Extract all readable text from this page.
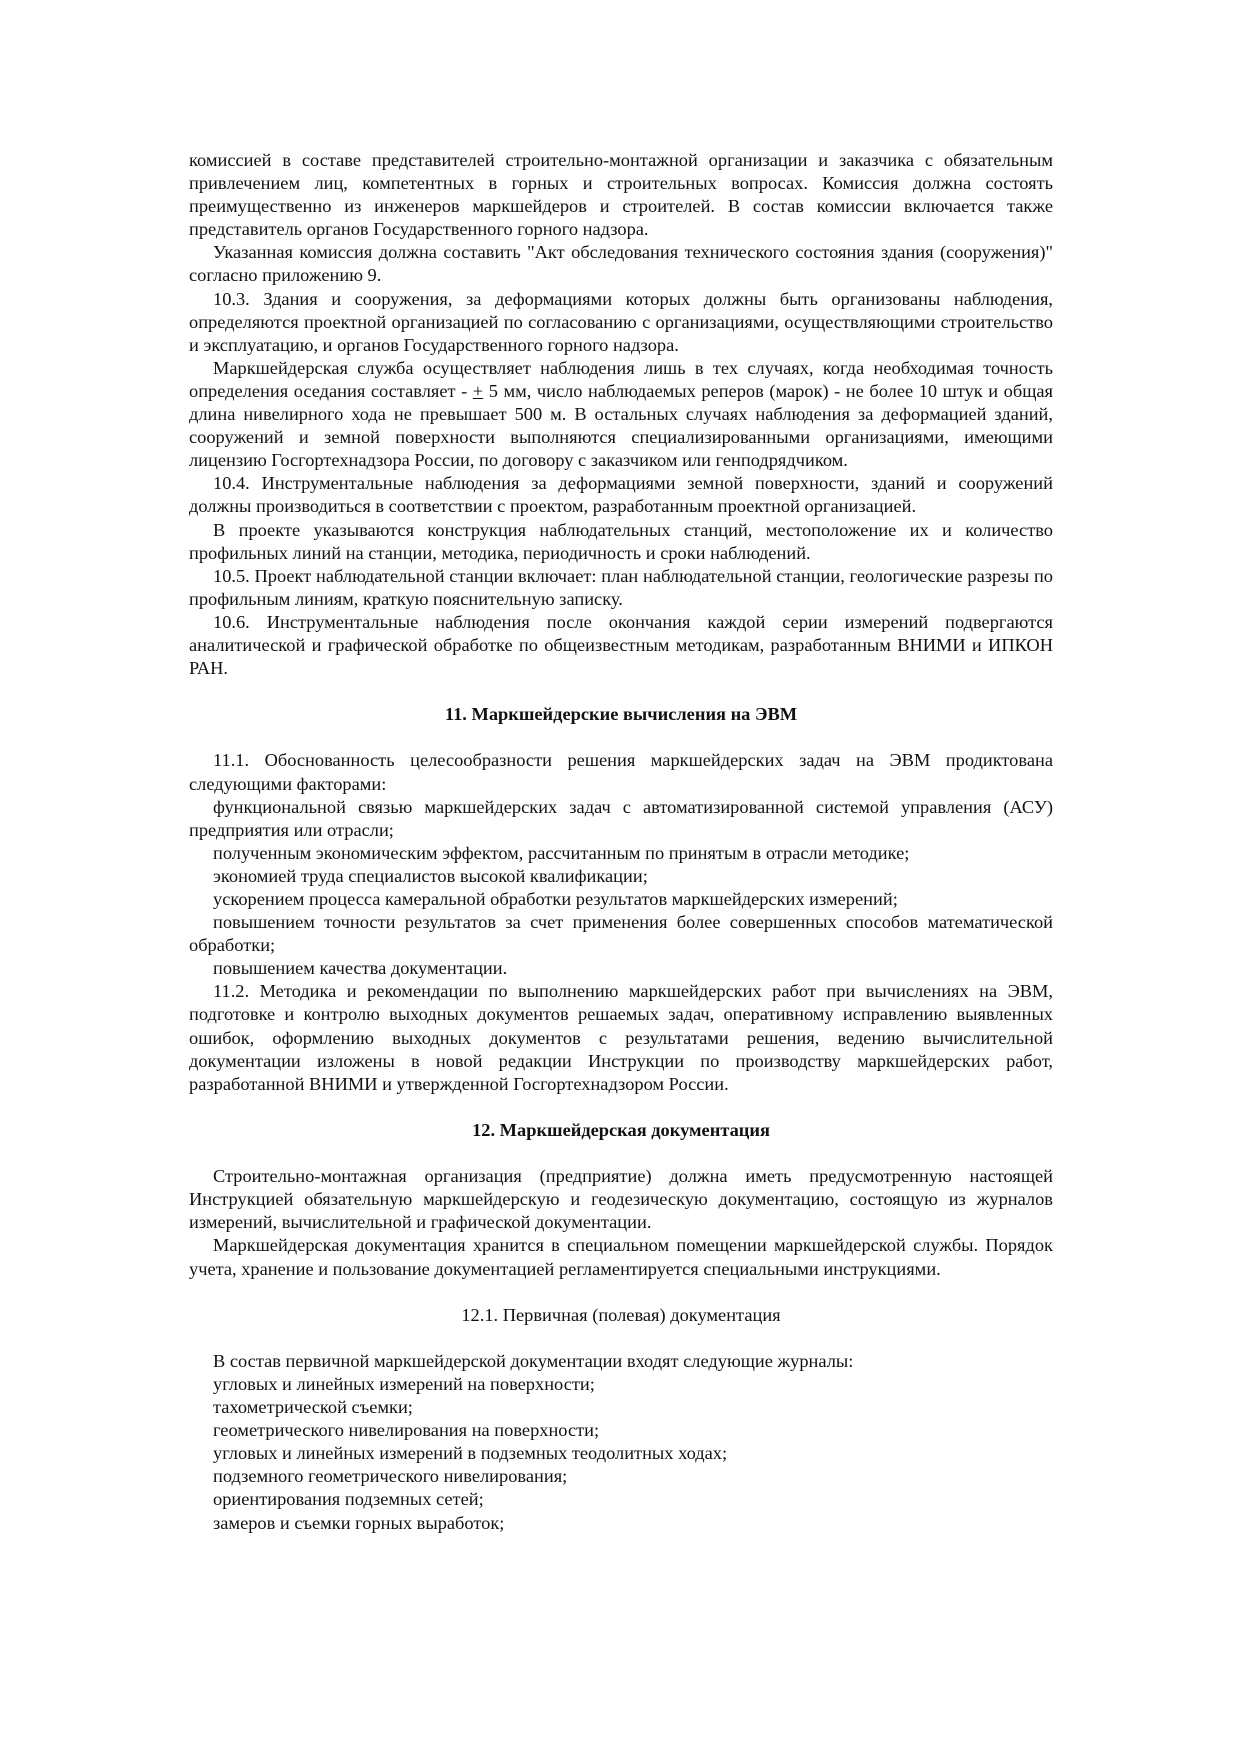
комиссией в составе представителей строительно-монтажной организации и заказчика с обязательным привлечением лиц, компетентных в горных и строительных вопросах. Комиссия должна состоять преимущественно из инженеров маркшейдеров и строителей. В состав комиссии включается также представитель органов Государственного горного надзора.

Указанная комиссия должна составить "Акт обследования технического состояния здания (сооружения)" согласно приложению 9.

10.3. Здания и сооружения, за деформациями которых должны быть организованы наблюдения, определяются проектной организацией по согласованию с организациями, осуществляющими строительство и эксплуатацию, и органов Государственного горного надзора.

Маркшейдерская служба осуществляет наблюдения лишь в тех случаях, когда необходимая точность определения оседания составляет - + 5 мм, число наблюдаемых реперов (марок) - не более 10 штук и общая длина нивелирного хода не превышает 500 м. В остальных случаях наблюдения за деформацией зданий, сооружений и земной поверхности выполняются специализированными организациями, имеющими лицензию Госгортехнадзора России, по договору с заказчиком или генподрядчиком.

10.4. Инструментальные наблюдения за деформациями земной поверхности, зданий и сооружений должны производиться в соответствии с проектом, разработанным проектной организацией.

В проекте указываются конструкция наблюдательных станций, местоположение их и количество профильных линий на станции, методика, периодичность и сроки наблюдений.

10.5. Проект наблюдательной станции включает: план наблюдательной станции, геологические разрезы по профильным линиям, краткую пояснительную записку.

10.6. Инструментальные наблюдения после окончания каждой серии измерений подвергаются аналитической и графической обработке по общеизвестным методикам, разработанным ВНИМИ и ИПКОН РАН.

11. Маркшейдерские вычисления на ЭВМ

11.1. Обоснованность целесообразности решения маркшейдерских задач на ЭВМ продиктована следующими факторами:

функциональной связью маркшейдерских задач с автоматизированной системой управления (АСУ) предприятия или отрасли;

полученным экономическим эффектом, рассчитанным по принятым в отрасли методике;

экономией труда специалистов высокой квалификации;

ускорением процесса камеральной обработки результатов маркшейдерских измерений;

повышением точности результатов за счет применения более совершенных способов математической обработки;

повышением качества документации.

11.2. Методика и рекомендации по выполнению маркшейдерских работ при вычислениях на ЭВМ, подготовке и контролю выходных документов решаемых задач, оперативному исправлению выявленных ошибок, оформлению выходных документов с результатами решения, ведению вычислительной документации изложены в новой редакции Инструкции по производству маркшейдерских работ, разработанной ВНИМИ и утвержденной Госгортехнадзором России.

12. Маркшейдерская документация

Строительно-монтажная организация (предприятие) должна иметь предусмотренную настоящей Инструкцией обязательную маркшейдерскую и геодезическую документацию, состоящую из журналов измерений, вычислительной и графической документации.

Маркшейдерская документация хранится в специальном помещении маркшейдерской службы. Порядок учета, хранение и пользование документацией регламентируется специальными инструкциями.

12.1. Первичная (полевая) документация

В состав первичной маркшейдерской документации входят следующие журналы:

угловых и линейных измерений на поверхности;
тахометрической съемки;
геометрического нивелирования на поверхности;
угловых и линейных измерений в подземных теодолитных ходах;
подземного геометрического нивелирования;
ориентирования подземных сетей;
замеров и съемки горных выработок;
